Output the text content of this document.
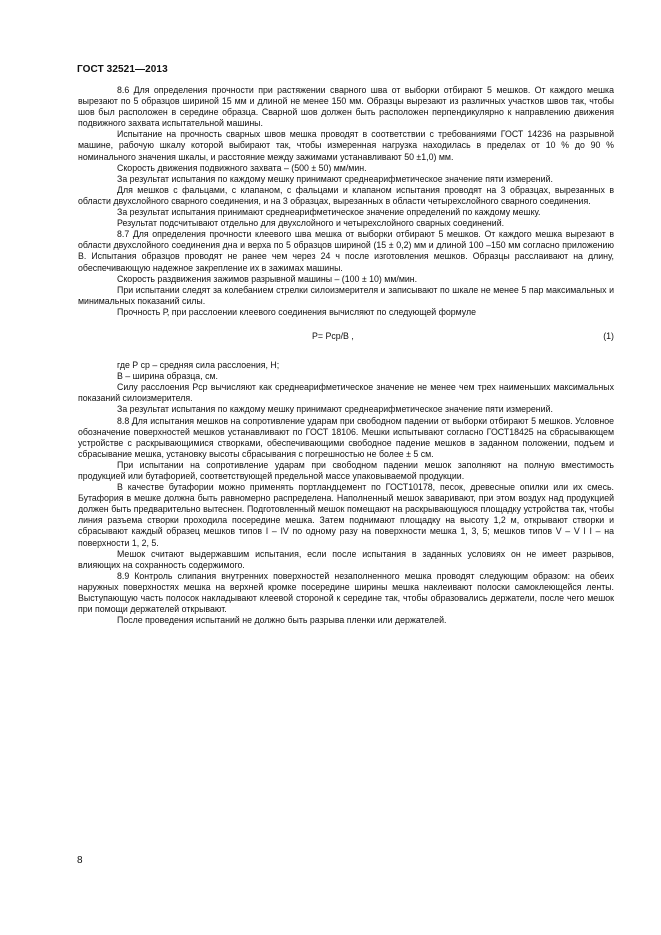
ГОСТ 32521—2013

8.6 Для определения прочности при растяжении сварного шва от выборки отбирают 5 мешков. От каждого мешка вырезают по 5 образцов шириной 15 мм и длиной не менее 150 мм. Образцы вырезают из различных участков швов так, чтобы шов был расположен в середине образца. Сварной шов должен быть расположен перпендикулярно к направлению движения подвижного захвата испытательной машины.

Испытание на прочность сварных швов мешка проводят в соответствии с требованиями ГОСТ 14236 на разрывной машине, рабочую шкалу которой выбирают так, чтобы измеренная нагрузка находилась в пределах от 10 % до 90 % номинального значения шкалы, и расстояние между зажимами устанавливают 50 ±1,0) мм.

Скорость движения подвижного захвата – (500 ± 50) мм/мин.

За результат испытания по каждому мешку принимают среднеарифметическое значение пяти измерений.

Для мешков с фальцами, с клапаном, с фальцами и клапаном испытания проводят на 3 образцах, вырезанных в области двухслойного сварного соединения, и на 3 образцах, вырезанных в области четырехслойного сварного соединения.

За результат испытания принимают среднеарифметическое значение определений по каждому мешку.

Результат подсчитывают отдельно для двухслойного и четырехслойного сварных соединений.

8.7 Для определения прочности клеевого шва мешка от выборки отбирают 5 мешков. От каждого мешка вырезают в области двухслойного соединения дна и верха по 5 образцов шириной (15 ± 0,2) мм и длиной 100 –150 мм согласно приложению В. Испытания образцов проводят не ранее чем через 24 ч после изготовления мешков. Образцы расслаивают на длину, обеспечивающую надежное закрепление их в зажимах машины.

Скорость раздвижения зажимов разрывной машины – (100 ± 10) мм/мин.

При испытании следят за колебанием стрелки силоизмерителя и записывают по шкале не менее 5 пар максимальных и минимальных показаний силы.

Прочность Р, при расслоении клеевого соединения вычисляют по следующей формуле

Р= Рср/В ,	(1)

где Р ср – средняя сила расслоения, Н;

В – ширина образца, см.

Силу расслоения Рср вычисляют как среднеарифметическое значение не менее чем трех наименьших максимальных показаний силоизмерителя.

За результат испытания по каждому мешку принимают среднеарифметическое значение пяти измерений.

8.8 Для испытания мешков на сопротивление ударам при свободном падении от выборки отбирают 5 мешков. Условное обозначение поверхностей мешков устанавливают по ГОСТ 18106. Мешки испытывают согласно ГОСТ18425 на сбрасывающем устройстве с раскрывающимися створками, обеспечивающими свободное падение мешков в заданном положении, подъем и сбрасывание мешка, установку высоты сбрасывания с погрешностью не более ± 5 см.

При испытании на сопротивление ударам при свободном падении мешок заполняют на полную вместимость продукцией или бутафорией, соответствующей предельной массе упаковываемой продукции.

В качестве бутафории можно применять портландцемент по ГОСТ10178, песок, древесные опилки или их смесь. Бутафория в мешке должна быть равномерно распределена. Наполненный мешок заваривают, при этом воздух над продукцией должен быть предварительно вытеснен. Подготовленный мешок помещают на раскрывающуюся площадку устройства так, чтобы линия разъема створки проходила посередине мешка. Затем поднимают площадку на высоту 1,2 м, открывают створки и сбрасывают каждый образец мешков типов I – IV по одному разу на поверхности мешка 1, 3, 5; мешков типов V – V I I – на поверхности 1, 2, 5.

Мешок считают выдержавшим испытания, если после испытания в заданных условиях он не имеет разрывов, влияющих на сохранность содержимого.

8.9 Контроль слипания внутренних поверхностей незаполненного мешка проводят следующим образом: на обеих наружных поверхностях мешка на верхней кромке посередине ширины мешка наклеивают полоски самоклеющейся ленты. Выступающую часть полосок накладывают клеевой стороной к середине так, чтобы образовались держатели, после чего мешок при помощи держателей открывают.

После проведения испытаний не должно быть разрыва пленки или держателей.

8
